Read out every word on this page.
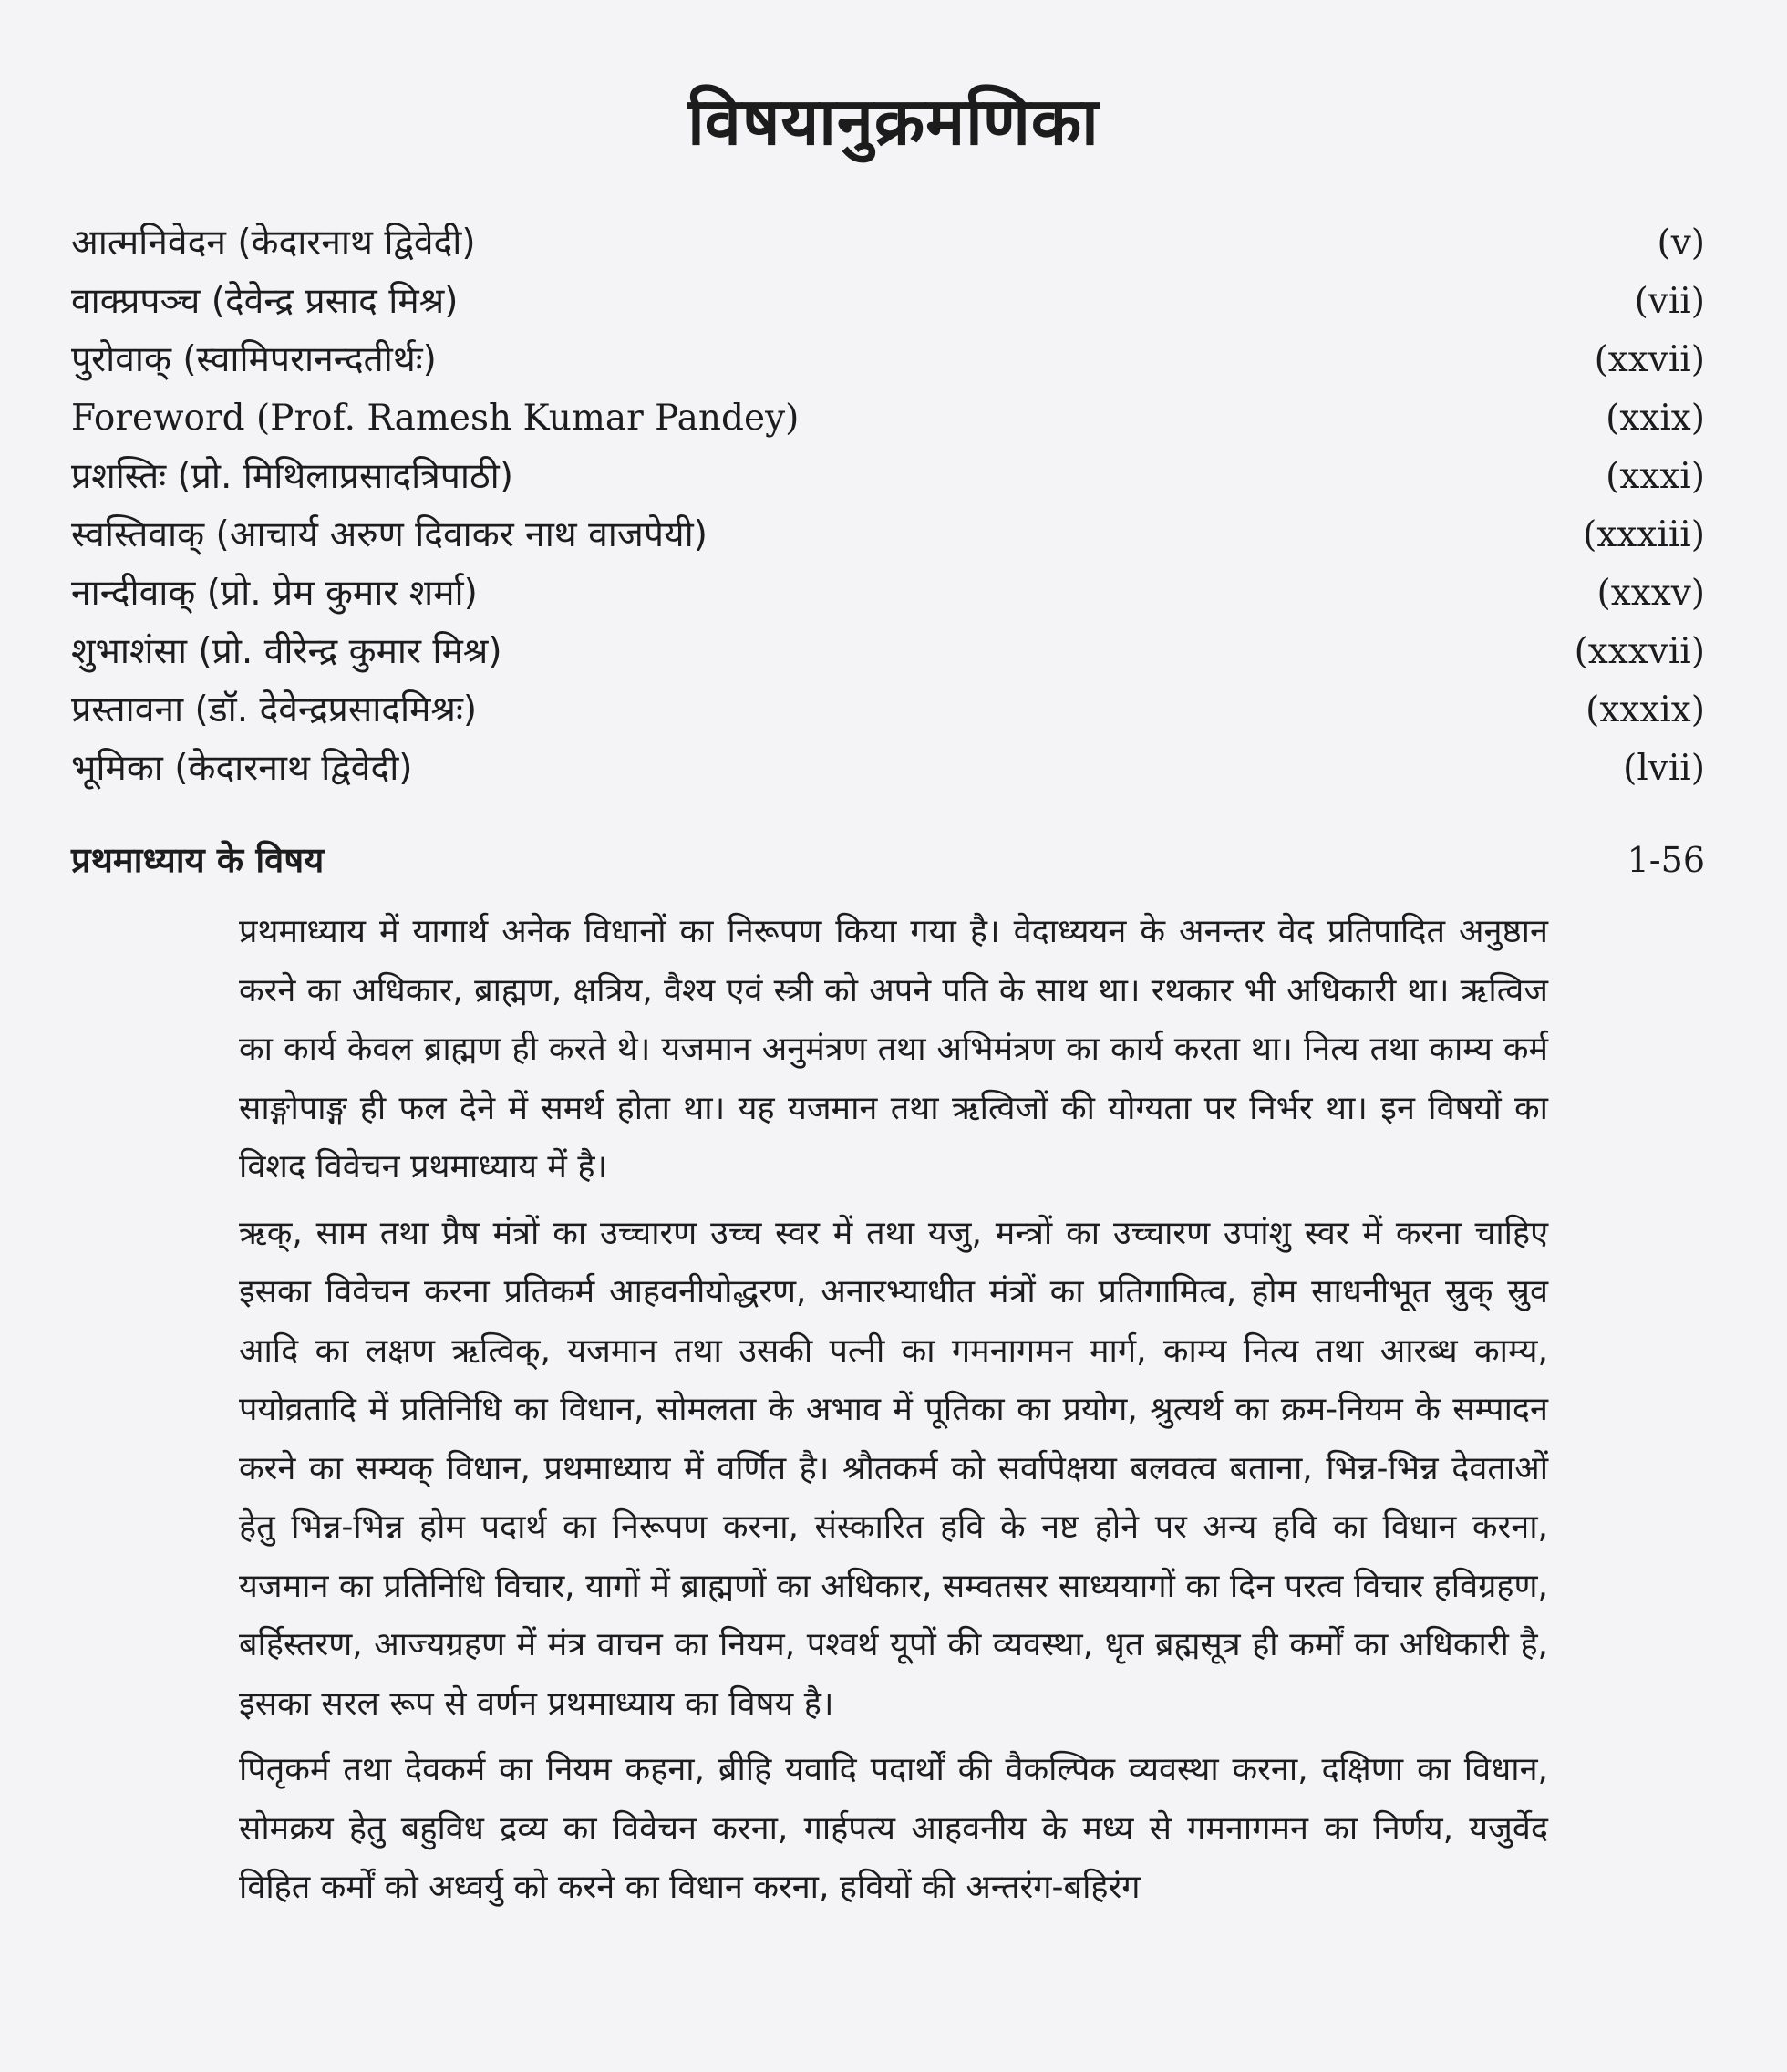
विषयानुक्रमणिका
आत्मनिवेदन (केदारनाथ द्विवेदी)	(v)
वाक्प्रपञ्च (देवेन्द्र प्रसाद मिश्र)	(vii)
पुरोवाक् (स्वामिपरानन्दतीर्थः)	(xxvii)
Foreword (Prof. Ramesh Kumar Pandey)	(xxix)
प्रशस्तिः (प्रो. मिथिलाप्रसादत्रिपाठी)	(xxxi)
स्वस्तिवाक् (आचार्य अरुण दिवाकर नाथ वाजपेयी)	(xxxiii)
नान्दीवाक् (प्रो. प्रेम कुमार शर्मा)	(xxxv)
शुभाशंसा (प्रो. वीरेन्द्र कुमार मिश्र)	(xxxvii)
प्रस्तावना (डॉ. देवेन्द्रप्रसादमिश्रः)	(xxxix)
भूमिका (केदारनाथ द्विवेदी)	(lvii)
प्रथमाध्याय के विषय	1-56

प्रथमाध्याय में यागार्थ अनेक विधानों का निरूपण किया गया है। वेदाध्ययन के अनन्तर वेद प्रतिपादित अनुष्ठान करने का अधिकार, ब्राह्मण, क्षत्रिय, वैश्य एवं स्त्री को अपने पति के साथ था। रथकार भी अधिकारी था। ऋत्विज का कार्य केवल ब्राह्मण ही करते थे। यजमान अनुमंत्रण तथा अभिमंत्रण का कार्य करता था। नित्य तथा काम्य कर्म साङ्गोपाङ्ग ही फल देने में समर्थ होता था। यह यजमान तथा ऋत्विजों की योग्यता पर निर्भर था। इन विषयों का विशद विवेचन प्रथमाध्याय में है।

ऋक्, साम तथा प्रैष मंत्रों का उच्चारण उच्च स्वर में तथा यजु, मन्त्रों का उच्चारण उपांशु स्वर में करना चाहिए इसका विवेचन करना प्रतिकर्म आहवनीयोद्धरण, अनारभ्याधीत मंत्रों का प्रतिगामित्व, होम साधनीभूत स्रुक् स्रुव आदि का लक्षण ऋत्विक्, यजमान तथा उसकी पत्नी का गमनागमन मार्ग, काम्य नित्य तथा आरब्ध काम्य, पयोव्रतादि में प्रतिनिधि का विधान, सोमलता के अभाव में पूतिका का प्रयोग, श्रुत्यर्थ का क्रम-नियम के सम्पादन करने का सम्यक् विधान, प्रथमाध्याय में वर्णित है। श्रौतकर्म को सर्वापेक्षया बलवत्व बताना, भिन्न-भिन्न देवताओं हेतु भिन्न-भिन्न होम पदार्थ का निरूपण करना, संस्कारित हवि के नष्ट होने पर अन्य हवि का विधान करना, यजमान का प्रतिनिधि विचार, यागों में ब्राह्मणों का अधिकार, सम्वतसर साध्ययागों का दिन परत्व विचार हविग्रहण, बर्हिस्तरण, आज्यग्रहण में मंत्र वाचन का नियम, पश्वर्थ यूपों की व्यवस्था, धृत ब्रह्मसूत्र ही कर्मों का अधिकारी है, इसका सरल रूप से वर्णन प्रथमाध्याय का विषय है।

पितृकर्म तथा देवकर्म का नियम कहना, ब्रीहि यवादि पदार्थों की वैकल्पिक व्यवस्था करना, दक्षिणा का विधान, सोमक्रय हेतु बहुविध द्रव्य का विवेचन करना, गार्हपत्य आहवनीय के मध्य से गमनागमन का निर्णय, यजुर्वेद विहित कर्मों को अध्वर्यु को करने का विधान करना, हवियों की अन्तरंग-बहिरंग
